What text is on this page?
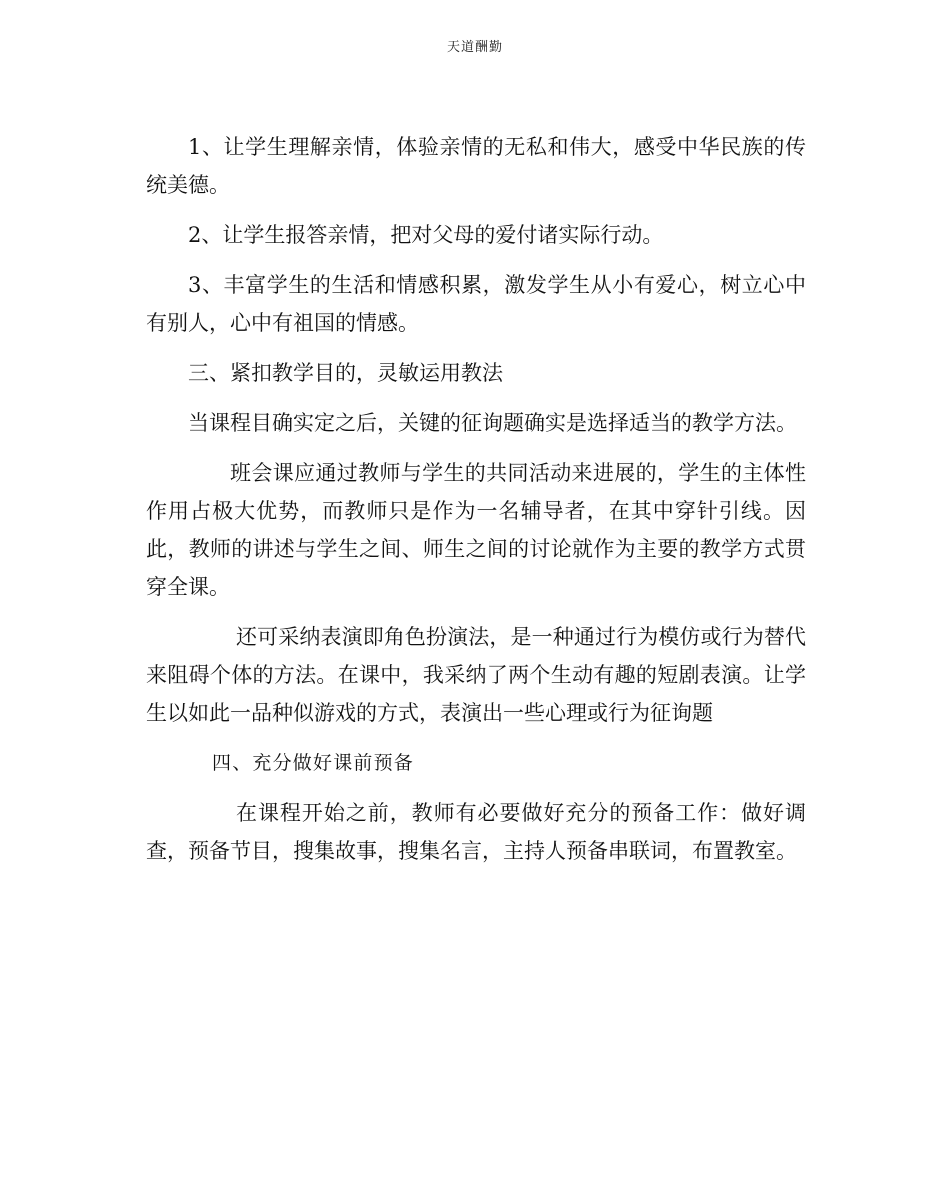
天道酬勤

1、让学生理解亲情，体验亲情的无私和伟大，感受中华民族的传统美德。

2、让学生报答亲情，把对父母的爱付诸实际行动。

3、丰富学生的生活和情感积累，激发学生从小有爱心，树立心中有别人，心中有祖国的情感。

三、紧扣教学目的，灵敏运用教法

当课程目确实定之后，关键的征询题确实是选择适当的教学方法。

班会课应通过教师与学生的共同活动来进展的，学生的主体性作用占极大优势，而教师只是作为一名辅导者，在其中穿针引线。因此，教师的讲述与学生之间、师生之间的讨论就作为主要的教学方式贯穿全课。

还可采纳表演即角色扮演法，是一种通过行为模仿或行为替代来阻碍个体的方法。在课中，我采纳了两个生动有趣的短剧表演。让学生以如此一品种似游戏的方式，表演出一些心理或行为征询题

四、充分做好课前预备

在课程开始之前，教师有必要做好充分的预备工作：做好调查，预备节目，搜集故事，搜集名言，主持人预备串联词，布置教室。
